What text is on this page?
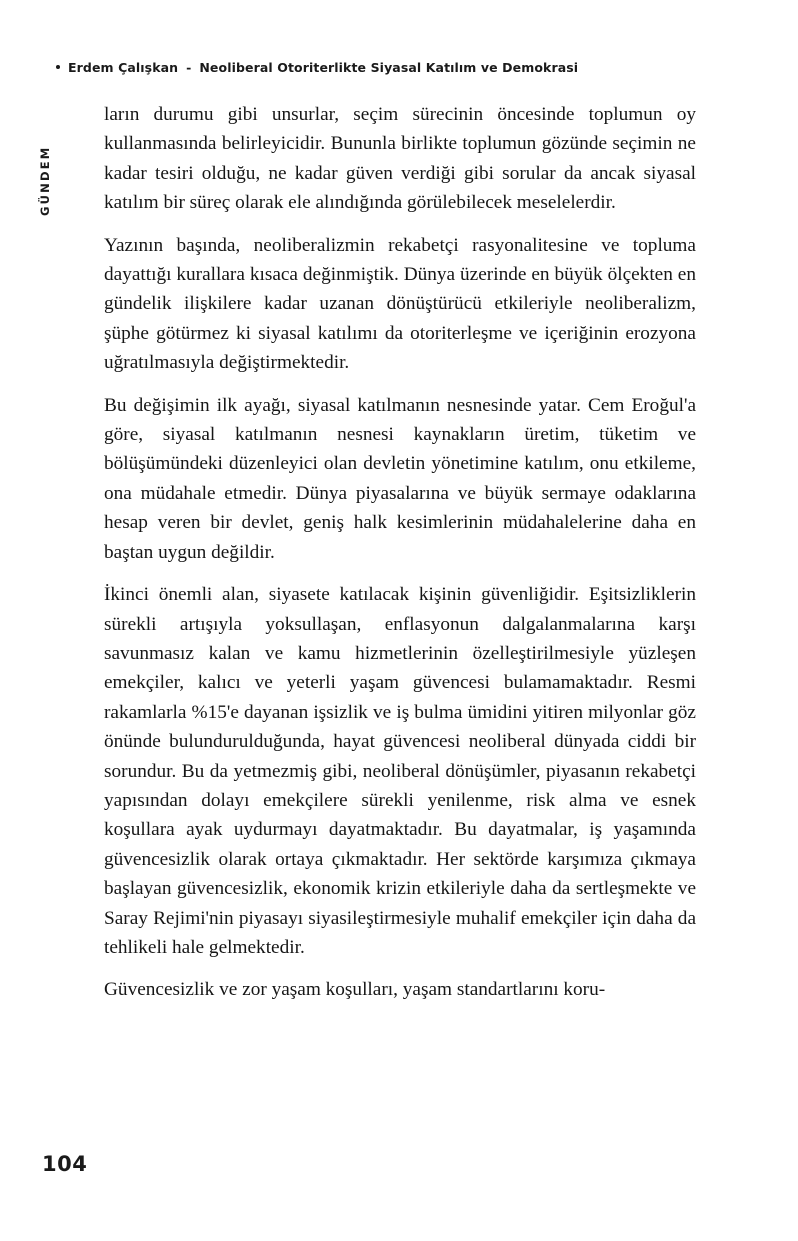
Erdem Çalışkan - Neoliberal Otoriterlikte Siyasal Katılım ve Demokrasi
GÜNDEM

ların durumu gibi unsurlar, seçim sürecinin öncesinde toplumun oy kullanmasında belirleyicidir. Bununla birlikte toplumun gözünde seçimin ne kadar tesiri olduğu, ne kadar güven verdiği gibi sorular da ancak siyasal katılım bir süreç olarak ele alındığında görülebilecek meselelerdir.

Yazının başında, neoliberalizmin rekabetçi rasyonalitesine ve topluma dayattığı kurallara kısaca değinmiştik. Dünya üzerinde en büyük ölçekten en gündelik ilişkilere kadar uzanan dönüştürücü etkileriyle neoliberalizm, şüphe götürmez ki siyasal katılımı da otoriterleşme ve içeriğinin erozyona uğratılmasıyla değiştirmektedir.

Bu değişimin ilk ayağı, siyasal katılmanın nesnesinde yatar. Cem Eroğul'a göre, siyasal katılmanın nesnesi kaynakların üretim, tüketim ve bölüşümündeki düzenleyici olan devletin yönetimine katılım, onu etkileme, ona müdahale etmedir. Dünya piyasalarına ve büyük sermaye odaklarına hesap veren bir devlet, geniş halk kesimlerinin müdahalelerine daha en baştan uygun değildir.

İkinci önemli alan, siyasete katılacak kişinin güvenliğidir. Eşitsizliklerin sürekli artışıyla yoksullaşan, enflasyonun dalgalanmalarına karşı savunmasız kalan ve kamu hizmetlerinin özelleştirilmesiyle yüzleşen emekçiler, kalıcı ve yeterli yaşam güvencesi bulamamaktadır. Resmi rakamlarla %15'e dayanan işsizlik ve iş bulma ümidini yitiren milyonlar göz önünde bulundurulduğunda, hayat güvencesi neoliberal dünyada ciddi bir sorundur. Bu da yetmezmiş gibi, neoliberal dönüşümler, piyasanın rekabetçi yapısından dolayı emekçilere sürekli yenilenme, risk alma ve esnek koşullara ayak uydurmayı dayatmaktadır. Bu dayatmalar, iş yaşamında güvencesizlik olarak ortaya çıkmaktadır. Her sektörde karşımıza çıkmaya başlayan güvencesizlik, ekonomik krizin etkileriyle daha da sertleşmekte ve Saray Rejimi'nin piyasayı siyasileştirmesiyle muhalif emekçiler için daha da tehlikeli hale gelmektedir.

Güvencesizlik ve zor yaşam koşulları, yaşam standartlarını koru-

104
